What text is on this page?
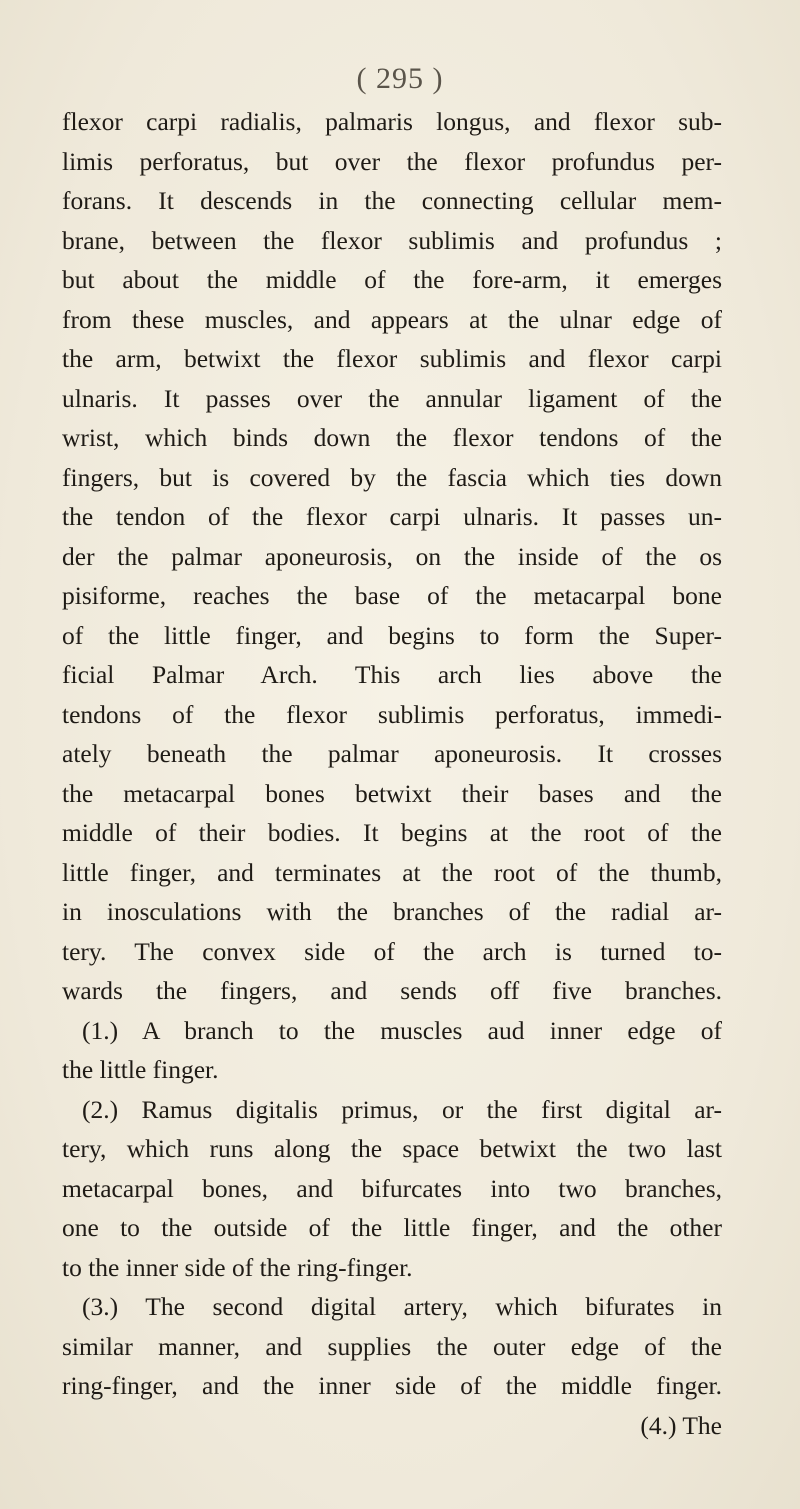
( 295 )
flexor carpi radialis, palmaris longus, and flexor sub-
limis perforatus, but over the flexor profundus per-
forans. It descends in the connecting cellular mem-
brane, between the flexor sublimis and profundus ;
but about the middle of the fore-arm, it emerges
from these muscles, and appears at the ulnar edge of
the arm, betwixt the flexor sublimis and flexor carpi
ulnaris. It passes over the annular ligament of the
wrist, which binds down the flexor tendons of the
fingers, but is covered by the fascia which ties down
the tendon of the flexor carpi ulnaris. It passes un-
der the palmar aponeurosis, on the inside of the os
pisiforme, reaches the base of the metacarpal bone
of the little finger, and begins to form the Super-
ficial Palmar Arch. This arch lies above the
tendons of the flexor sublimis perforatus, immedi-
ately beneath the palmar aponeurosis. It crosses
the metacarpal bones betwixt their bases and the
middle of their bodies. It begins at the root of the
little finger, and terminates at the root of the thumb,
in inosculations with the branches of the radial ar-
tery. The convex side of the arch is turned to-
wards the fingers, and sends off five branches.
(1.) A branch to the muscles aud inner edge of
the little finger.
(2.) Ramus digitalis primus, or the first digital ar-
tery, which runs along the space betwixt the two last
metacarpal bones, and bifurcates into two branches,
one to the outside of the little finger, and the other
to the inner side of the ring-finger.
(3.) The second digital artery, which bifurates in
similar manner, and supplies the outer edge of the
ring-finger, and the inner side of the middle finger.
(4.) The
